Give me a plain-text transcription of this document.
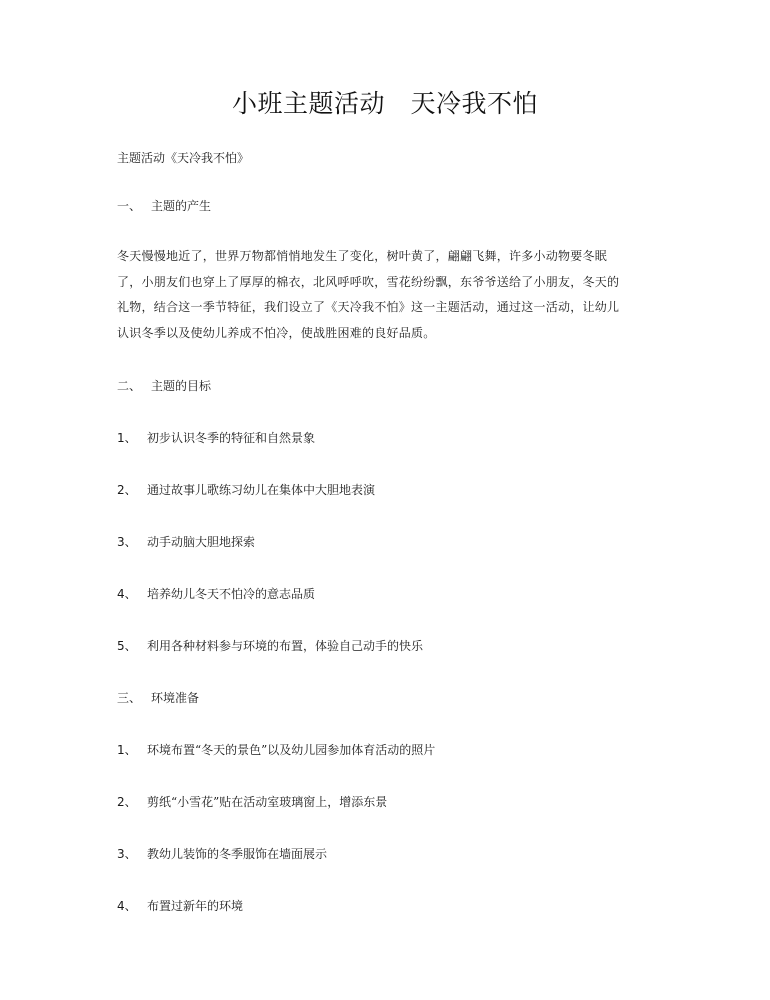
小班主题活动　天冷我不怕
主题活动《天冷我不怕》
一、 主题的产生
冬天慢慢地近了，世界万物都悄悄地发生了变化，树叶黄了，翩翩飞舞，许多小动物要冬眠
了，小朋友们也穿上了厚厚的棉衣，北风呼呼吹，雪花纷纷飘，东爷爷送给了小朋友，冬天的
礼物，结合这一季节特征，我们设立了《天冷我不怕》这一主题活动，通过这一活动，让幼儿
认识冬季以及使幼儿养成不怕冷，使战胜困难的良好品质。
二、 主题的目标
1、 初步认识冬季的特征和自然景象
2、 通过故事儿歌练习幼儿在集体中大胆地表演
3、 动手动脑大胆地探索
4、 培养幼儿冬天不怕冷的意志品质
5、 利用各种材料参与环境的布置，体验自己动手的快乐
三、 环境准备
1、 环境布置“冬天的景色”以及幼儿园参加体育活动的照片
2、 剪纸“小雪花”贴在活动室玻璃窗上，增添东景
3、 教幼儿装饰的冬季服饰在墙面展示
4、 布置过新年的环境
